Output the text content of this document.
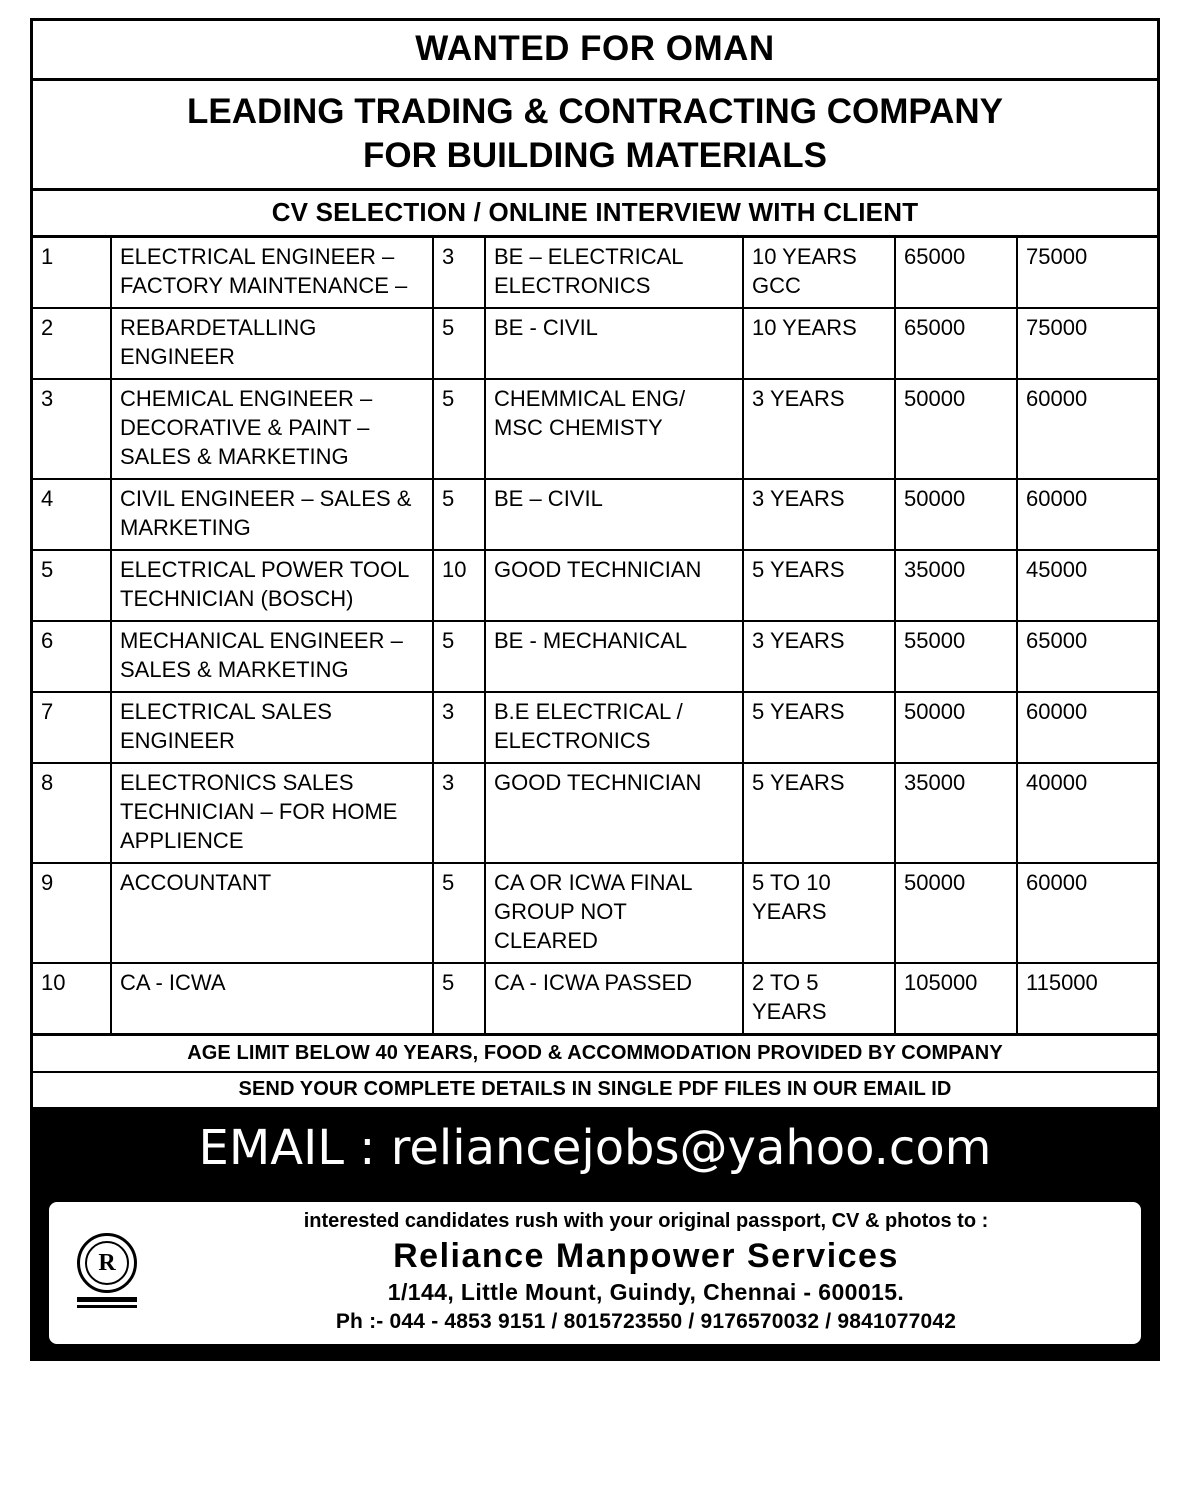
WANTED FOR OMAN
LEADING TRADING & CONTRACTING COMPANY
FOR BUILDING MATERIALS
CV SELECTION / ONLINE INTERVIEW WITH CLIENT
1	ELECTRICAL ENGINEER – FACTORY MAINTENANCE –	3	BE – ELECTRICAL ELECTRONICS	10 YEARS GCC	65000	75000
2	REBARDETALLING ENGINEER	5	BE - CIVIL	10 YEARS	65000	75000
3	CHEMICAL ENGINEER – DECORATIVE & PAINT – SALES & MARKETING	5	CHEMMICAL ENG/ MSC CHEMISTY	3 YEARS	50000	60000
4	CIVIL ENGINEER – SALES & MARKETING	5	BE – CIVIL	3 YEARS	50000	60000
5	ELECTRICAL POWER TOOL TECHNICIAN (BOSCH)	10	GOOD TECHNICIAN	5 YEARS	35000	45000
6	MECHANICAL ENGINEER – SALES & MARKETING	5	BE - MECHANICAL	3 YEARS	55000	65000
7	ELECTRICAL SALES ENGINEER	3	B.E ELECTRICAL / ELECTRONICS	5 YEARS	50000	60000
8	ELECTRONICS SALES TECHNICIAN – FOR HOME APPLIENCE	3	GOOD TECHNICIAN	5 YEARS	35000	40000
9	ACCOUNTANT	5	CA OR ICWA FINAL GROUP NOT CLEARED	5 TO 10 YEARS	50000	60000
10	CA - ICWA	5	CA - ICWA PASSED	2 TO 5 YEARS	105000	115000
AGE LIMIT BELOW 40 YEARS, FOOD & ACCOMMODATION PROVIDED BY COMPANY
SEND YOUR COMPLETE DETAILS IN SINGLE PDF FILES IN OUR EMAIL ID
EMAIL : reliancejobs@yahoo.com
R
interested candidates rush with your original passport, CV & photos to :
Reliance Manpower Services
1/144, Little Mount, Guindy, Chennai - 600015.
Ph :- 044 - 4853 9151 / 8015723550 / 9176570032 / 9841077042
